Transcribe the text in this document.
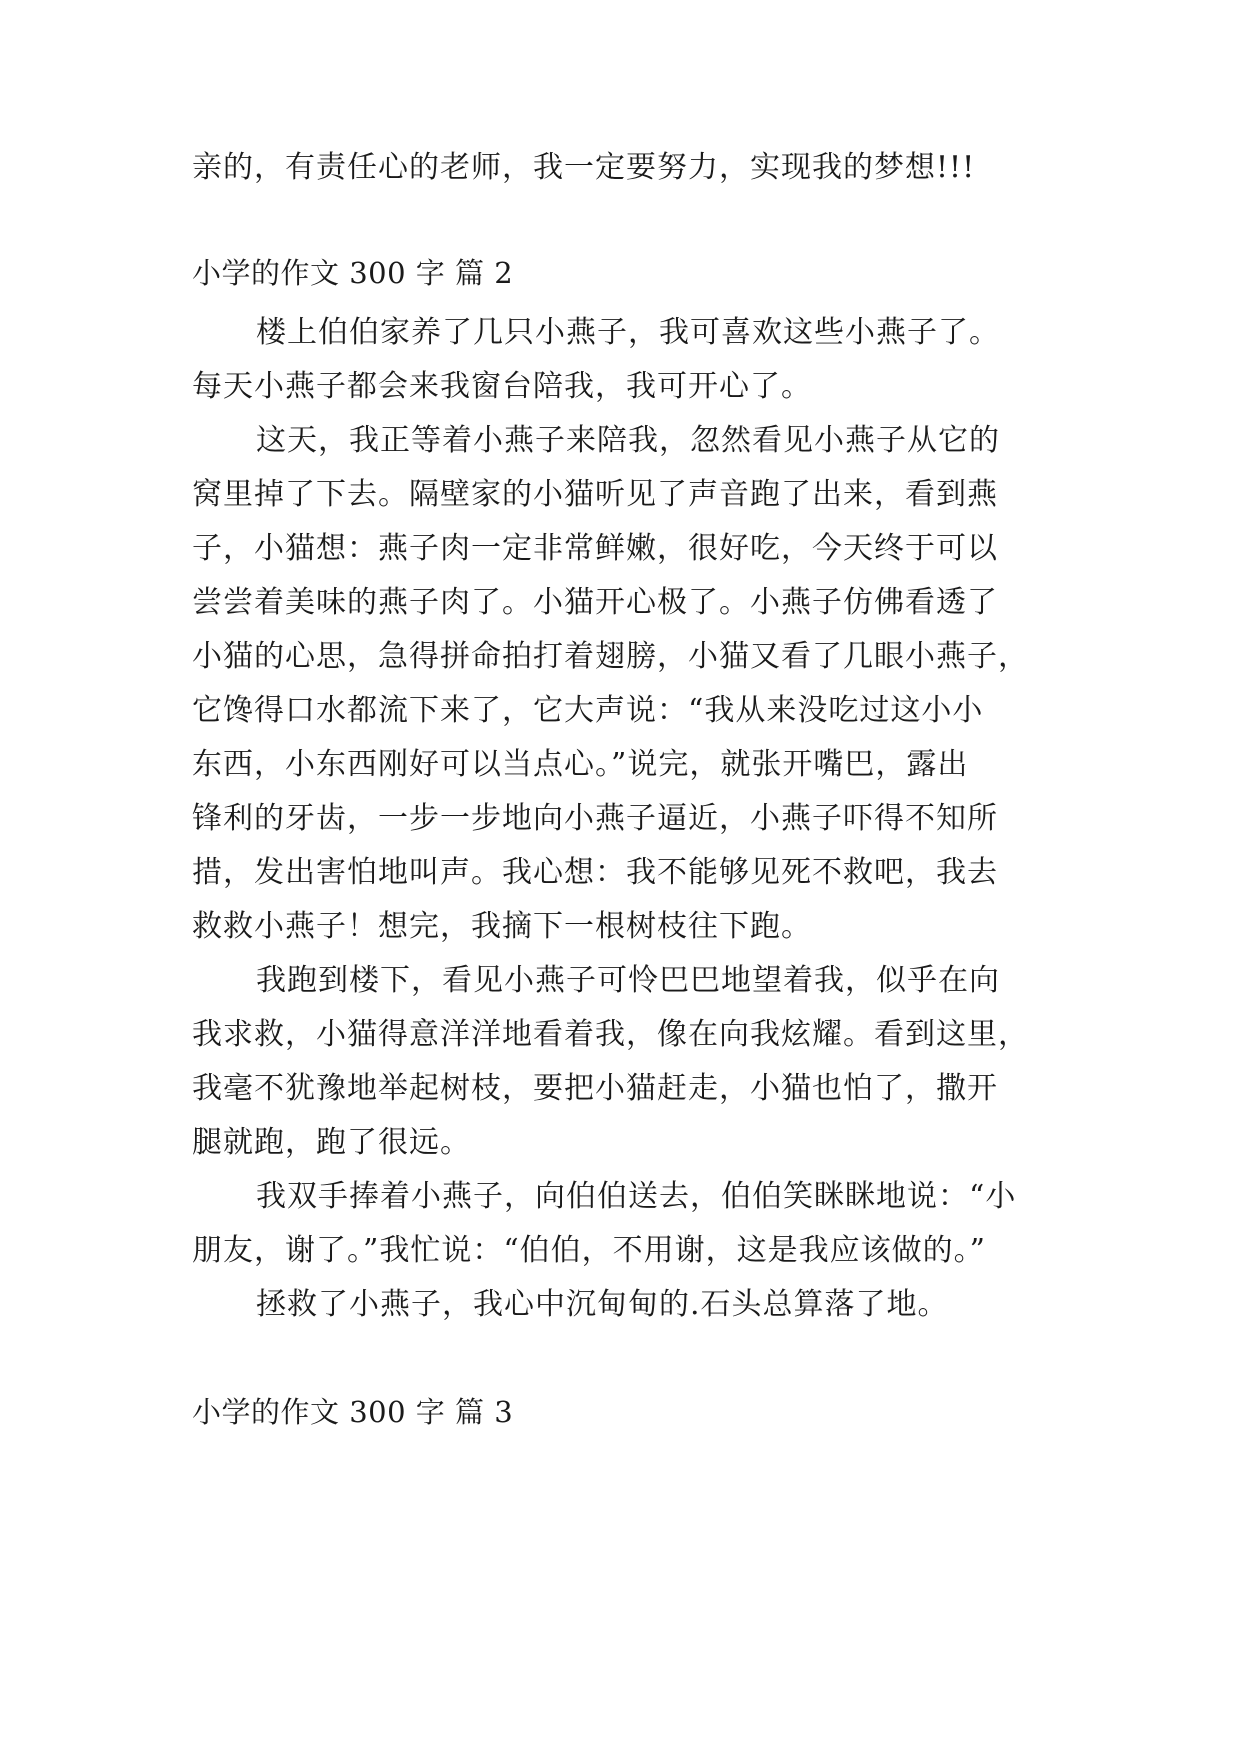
亲的，有责任心的老师，我一定要努力，实现我的梦想!!!
小学的作文 300 字 篇 2
楼上伯伯家养了几只小燕子，我可喜欢这些小燕子了。
每天小燕子都会来我窗台陪我，我可开心了。
这天，我正等着小燕子来陪我，忽然看见小燕子从它的
窝里掉了下去。隔壁家的小猫听见了声音跑了出来，看到燕
子，小猫想：燕子肉一定非常鲜嫩，很好吃，今天终于可以
尝尝着美味的燕子肉了。小猫开心极了。小燕子仿佛看透了
小猫的心思，急得拼命拍打着翅膀，小猫又看了几眼小燕子，
它馋得口水都流下来了，它大声说：“我从来没吃过这小小
东西，小东西刚好可以当点心。”说完，就张开嘴巴，露出
锋利的牙齿，一步一步地向小燕子逼近，小燕子吓得不知所
措，发出害怕地叫声。我心想：我不能够见死不救吧，我去
救救小燕子！想完，我摘下一根树枝往下跑。
我跑到楼下，看见小燕子可怜巴巴地望着我，似乎在向
我求救，小猫得意洋洋地看着我，像在向我炫耀。看到这里，
我毫不犹豫地举起树枝，要把小猫赶走，小猫也怕了，撒开
腿就跑，跑了很远。
我双手捧着小燕子，向伯伯送去，伯伯笑眯眯地说：“小
朋友，谢了。”我忙说：“伯伯，不用谢，这是我应该做的。”
拯救了小燕子，我心中沉甸甸的.石头总算落了地。
小学的作文 300 字 篇 3
